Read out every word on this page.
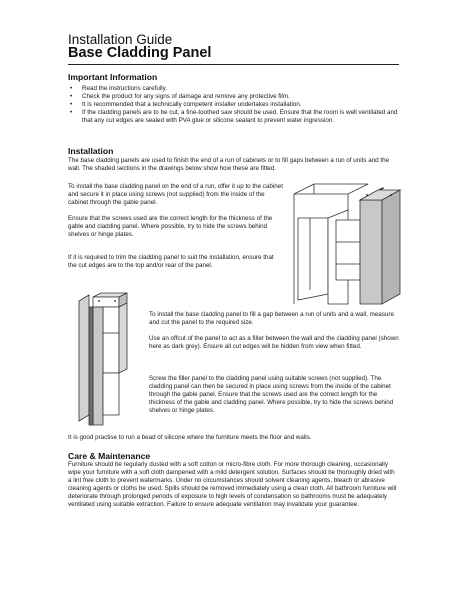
Installation Guide
Base Cladding Panel
Important Information
• Read the instructions carefully.
• Check the product for any signs of damage and remove any protective film.
• It is recommended that a technically competent installer undertakes installation.
• If the cladding panels are to be cut, a fine-toothed saw should be used. Ensure that the room is well ventilated and that any cut edges are sealed with PVA glue or silicone sealant to prevent water ingression.
Installation

The base cladding panels are used to finish the end of a run of cabinets or to fill gaps between a run of units and the wall. The shaded sections in the drawings below show how these are fitted.

To install the base cladding panel on the end of a run, offer it up to the cabinet and secure it in place using screws (not supplied) from the inside of the cabinet through the gable panel.

Ensure that the screws used are the correct length for the thickness of the gable and cladding panel. Where possible, try to hide the screws behind shelves or hinge plates.

If it is required to trim the cladding panel to suit the installation, ensure that the cut edges are to the top and/or rear of the panel.

To install the base cladding panel to fill a gap between a run of units and a wall, measure and cut the panel to the required size.

Use an offcut of the panel to act as a filler between the wall and the cladding panel (shown here as dark grey). Ensure all cut edges will be hidden from view when fitted.

Screw the filler panel to the cladding panel using suitable screws (not supplied). The cladding panel can then be secured in place using screws from the inside of the cabinet through the gable panel. Ensure that the screws used are the correct length for the thickness of the gable and cladding panel. Where possible, try to hide the screws behind shelves or hinge plates.

It is good practise to run a bead of silicone where the furniture meets the floor and walls.

Care & Maintenance

Furniture should be regularly dusted with a soft cotton or micro-fibre cloth. For more thorough cleaning, occasionally wipe your furniture with a soft cloth dampened with a mild detergent solution. Surfaces should be thoroughly dried with a lint free cloth to prevent watermarks. Under no circumstances should solvent cleaning agents, bleach or abrasive cleaning agents or cloths be used. Spills should be removed immediately using a clean cloth. All bathroom furniture will deteriorate through prolonged periods of exposure to high levels of condensation so bathrooms must be adequately ventilated using suitable extraction. Failure to ensure adequate ventilation may invalidate your guarantee.
